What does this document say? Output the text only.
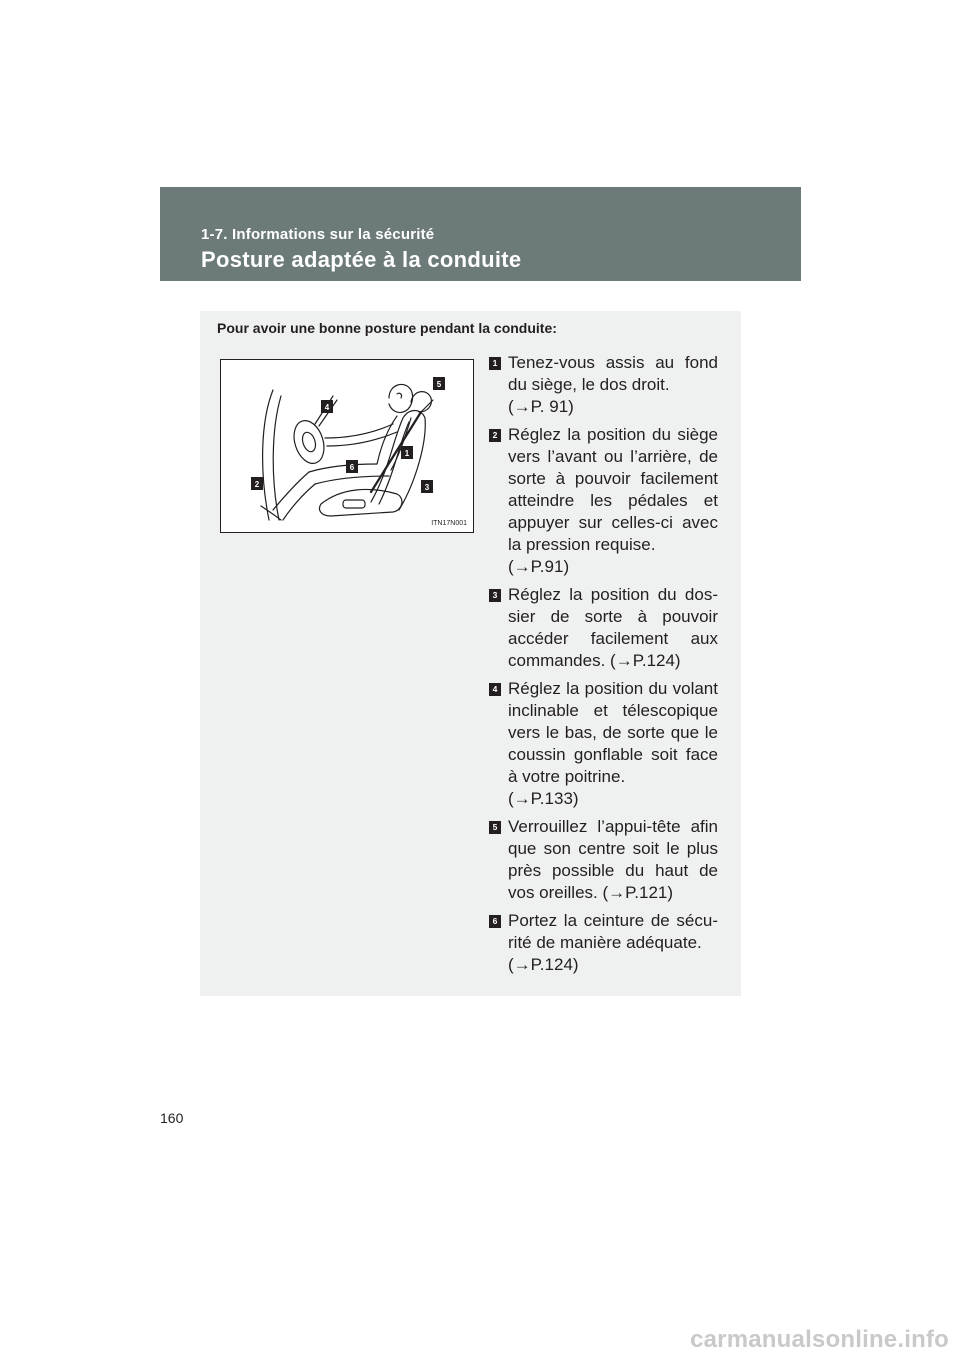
1-7. Informations sur la sécurité
Posture adaptée à la conduite
Pour avoir une bonne posture pendant la conduite:
5
4
1
6
2	3
ITN17N001
1 Tenez-vous assis au fond du siège, le dos droit.
(→P. 91)
2 Réglez la position du siège vers l’avant ou l’arrière, de sorte à pouvoir facilement atteindre les pédales et appuyer sur celles-ci avec la pression requise.
(→P.91)
3 Réglez la position du dos-sier de sorte à pouvoir accéder facilement aux commandes. (→P.124)
4 Réglez la position du volant inclinable et télescopique vers le bas, de sorte que le coussin gonflable soit face à votre poitrine.
(→P.133)
5 Verrouillez l’appui-tête afin que son centre soit le plus près possible du haut de vos oreilles. (→P.121)
6 Portez la ceinture de sécu-rité de manière adéquate.
(→P.124)
160
carmanualsonline.info
